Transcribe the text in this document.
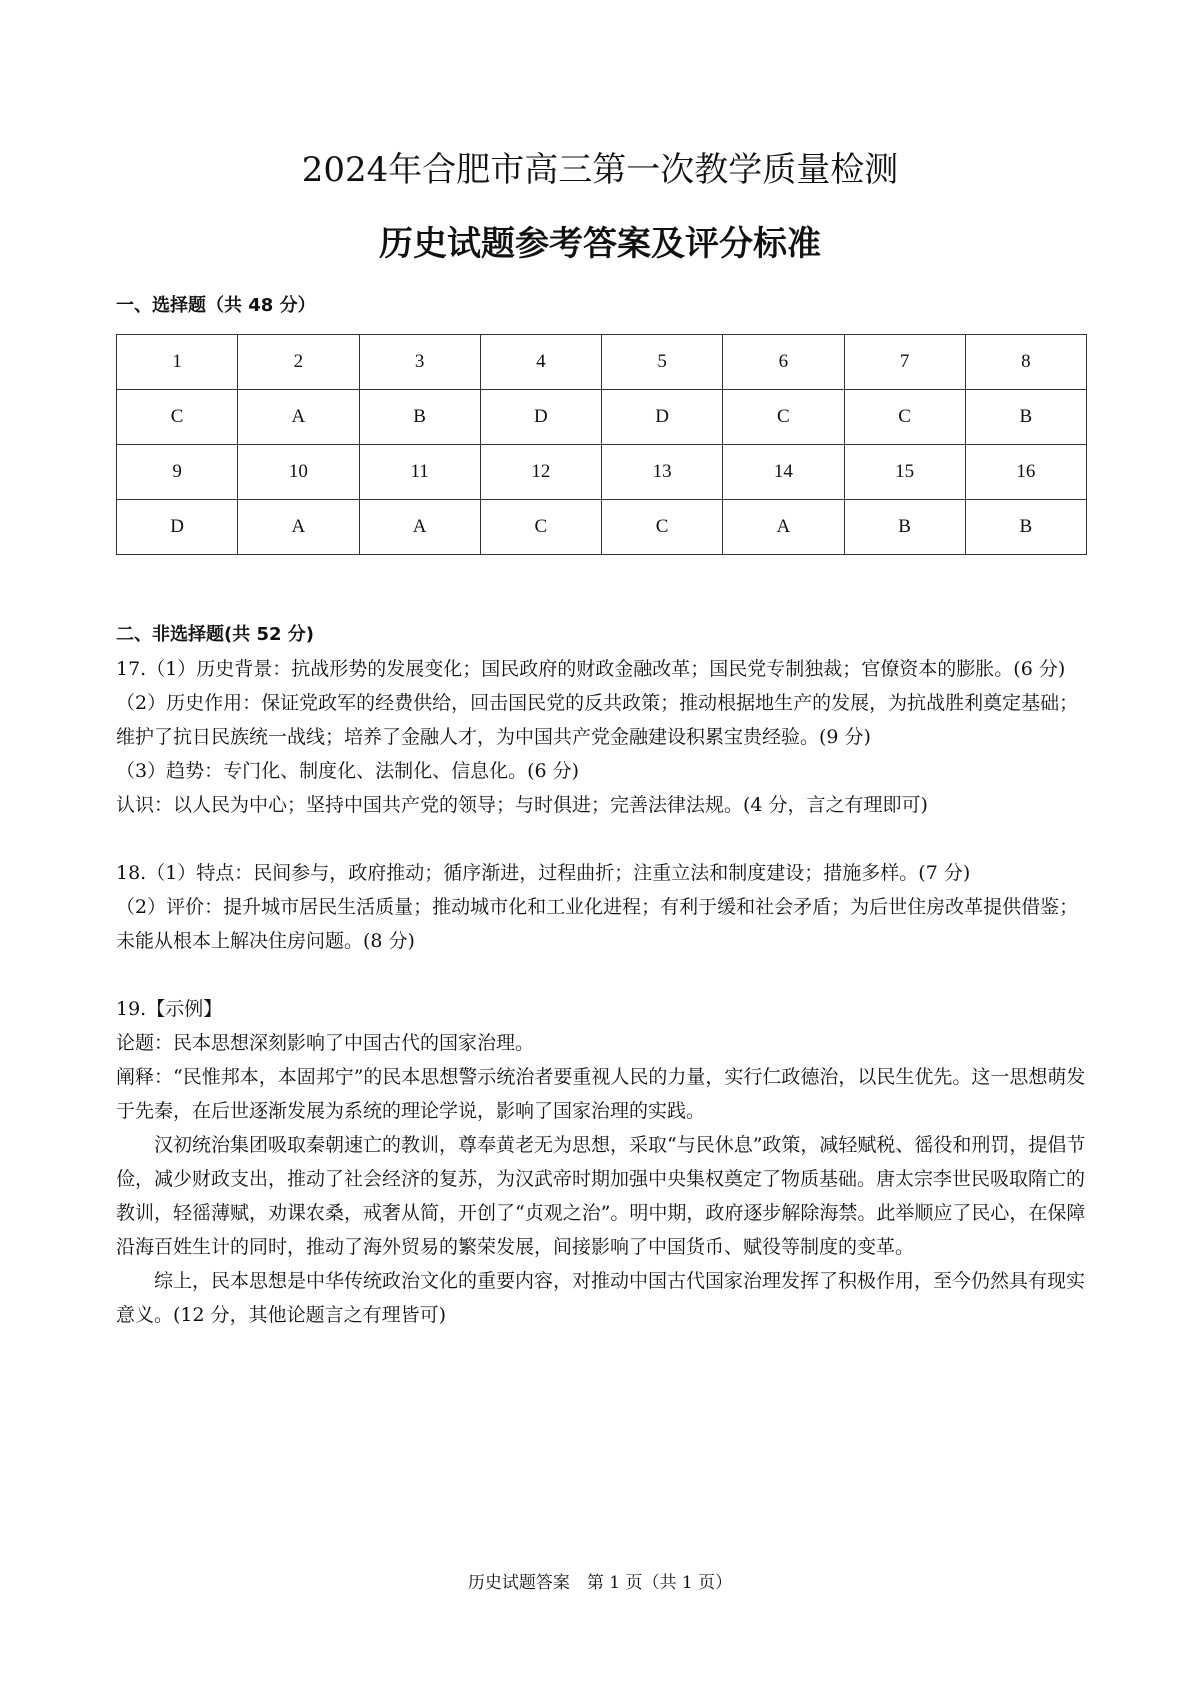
2024年合肥市高三第一次教学质量检测
历史试题参考答案及评分标准
一、选择题（共 48 分）
1	2	3	4	5	6	7	8
C	A	B	D	D	C	C	B
9	10	11	12	13	14	15	16
D	A	A	C	C	A	B	B
二、非选择题(共 52 分)

17.（1）历史背景：抗战形势的发展变化；国民政府的财政金融改革；国民党专制独裁；官僚资本的膨胀。(6 分)

（2）历史作用：保证党政军的经费供给，回击国民党的反共政策；推动根据地生产的发展，为抗战胜利奠定基础；维护了抗日民族统一战线；培养了金融人才，为中国共产党金融建设积累宝贵经验。(9 分)

（3）趋势：专门化、制度化、法制化、信息化。(6 分)

认识：以人民为中心；坚持中国共产党的领导；与时俱进；完善法律法规。(4 分，言之有理即可)

18.（1）特点：民间参与，政府推动；循序渐进，过程曲折；注重立法和制度建设；措施多样。(7 分)

（2）评价：提升城市居民生活质量；推动城市化和工业化进程；有利于缓和社会矛盾；为后世住房改革提供借鉴；未能从根本上解决住房问题。(8 分)

19.【示例】

论题：民本思想深刻影响了中国古代的国家治理。

阐释：“民惟邦本，本固邦宁”的民本思想警示统治者要重视人民的力量，实行仁政德治，以民生优先。这一思想萌发于先秦，在后世逐渐发展为系统的理论学说，影响了国家治理的实践。

汉初统治集团吸取秦朝速亡的教训，尊奉黄老无为思想，采取“与民休息”政策，减轻赋税、徭役和刑罚，提倡节俭，减少财政支出，推动了社会经济的复苏，为汉武帝时期加强中央集权奠定了物质基础。唐太宗李世民吸取隋亡的教训，轻徭薄赋，劝课农桑，戒奢从简，开创了“贞观之治”。明中期，政府逐步解除海禁。此举顺应了民心，在保障沿海百姓生计的同时，推动了海外贸易的繁荣发展，间接影响了中国货币、赋役等制度的变革。

综上，民本思想是中华传统政治文化的重要内容，对推动中国古代国家治理发挥了积极作用，至今仍然具有现实意义。(12 分，其他论题言之有理皆可)

历史试题答案　第 1 页（共 1 页）
